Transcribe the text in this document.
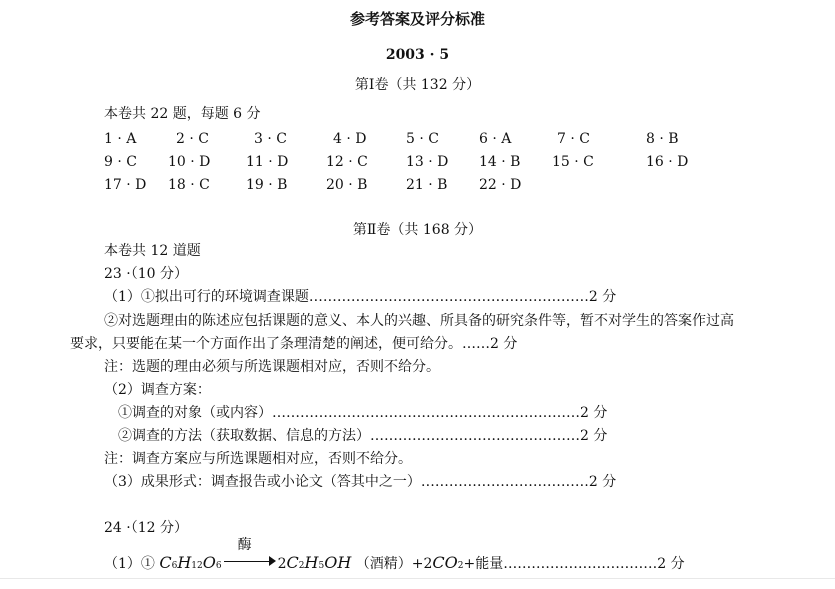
参考答案及评分标准
2003 · 5
第Ⅰ卷（共 132 分）
本卷共 22 题，每题 6 分
1 · A	2 · C	3 · C	4 · D	5 · C	6 · A	7 · C	8 · B
9 · C 10 · D	11 · D	12 · C	13 · D 14 · B 15 · C	16 · D
17 · D 18 · C	19 · B	20 · B	21 · B 22 · D
第Ⅱ卷（共 168 分）
本卷共 12 道题
23 ·（10 分）
（1）①拟出可行的环境调查课题……………………………………………………2 分
②对选题理由的陈述应包括课题的意义、本人的兴趣、所具备的研究条件等，暂不对学生的答案作过高
要求，只要能在某一个方面作出了条理清楚的阐述，便可给分。……2 分
注：选题的理由必须与所选课题相对应，否则不给分。
（2）调查方案：
①调查的对象（或内容）…………………………………………………………2 分
②调查的方法（获取数据、信息的方法）………………………………………2 分
注：调查方案应与所选课题相对应，否则不给分。
（3）成果形式：调查报告或小论文（答其中之一）………………………………2 分
24 ·（12 分）
（1）① C6H12O6
酶
2C2H5OH （酒精）+2CO2+能量……………………………2 分
